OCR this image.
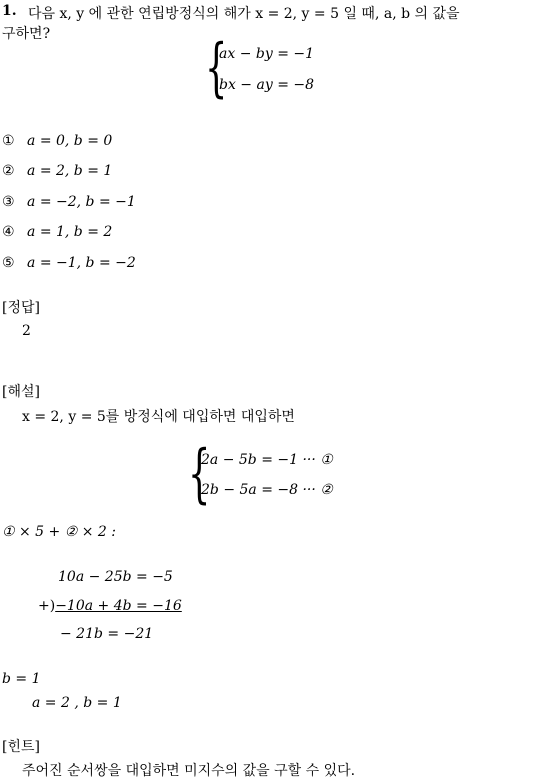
1. 다음 x, y 에 관한 연립방정식의 해가 x = 2, y = 5 일 때, a, b 의 값을
구하면? {
ax − by = −1
bx − ay = −8
① a = 0, b = 0
② a = 2, b = 1
③ a = −2, b = −1
④ a = 1, b = 2
⑤ a = −1, b = −2
[정답]
2
[해설]
x = 2, y = 5를 방정식에 대입하면 대입하면
{
2a − 5b = −1 ··· ①
2b − 5a = −8 ··· ②
① × 5 + ② × 2 :
10a − 25b = −5
+)−10a + 4b = −16
− 21b = −21
b = 1
a = 2 , b = 1
[힌트]
주어진 순서쌍을 대입하면 미지수의 값을 구할 수 있다.
